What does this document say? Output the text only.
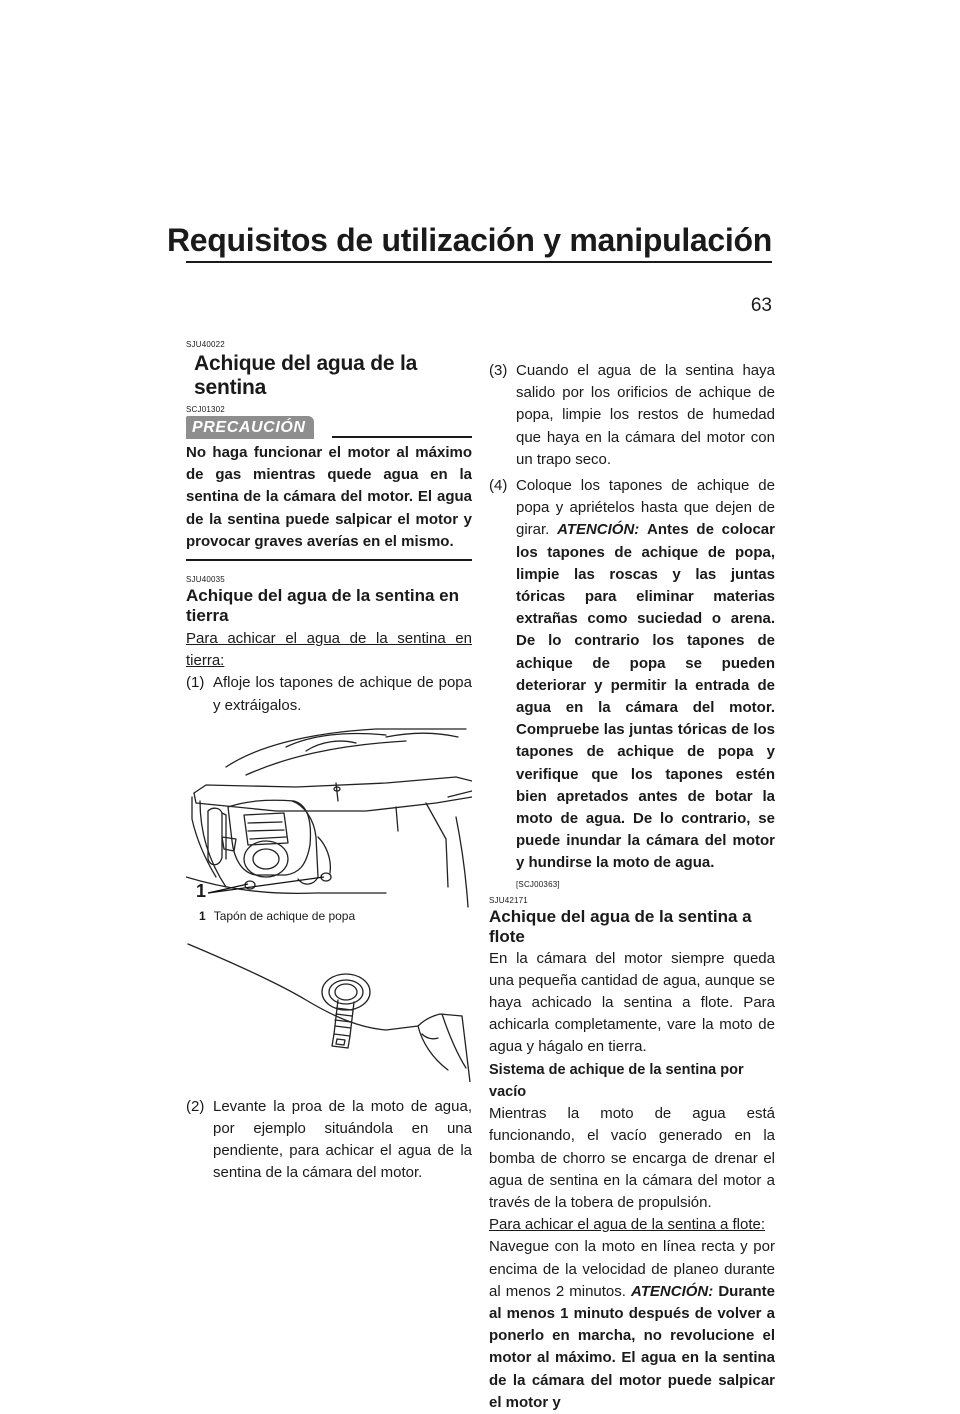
Requisitos de utilización y manipulación
63
SJU40022
Achique del agua de la sentina
SCJ01302
PRECAUCIÓN

No haga funcionar el motor al máximo de gas mientras quede agua en la sentina de la cámara del motor. El agua de la sentina puede salpicar el motor y provocar graves averías en el mismo.

SJU40035
Achique del agua de la sentina en tierra

Para achicar el agua de la sentina en tierra:

(1) Afloje los tapones de achique de popa y extráigalos.
1
1 Tapón de achique de popa
(2) Levante la proa de la moto de agua, por ejemplo situándola en una pendiente, para achicar el agua de la sentina de la cámara del motor.
(3) Cuando el agua de la sentina haya salido por los orificios de achique de popa, limpie los restos de humedad que haya en la cámara del motor con un trapo seco.
(4) Coloque los tapones de achique de popa y apriételos hasta que dejen de girar. ATENCIÓN: Antes de colocar los tapones de achique de popa, limpie las roscas y las juntas tóricas para eliminar materias extrañas como suciedad o arena. De lo contrario los tapones de achique de popa se pueden deteriorar y permitir la entrada de agua en la cámara del motor. Compruebe las juntas tóricas de los tapones de achique de popa y verifique que los tapones estén bien apretados antes de botar la moto de agua. De lo contrario, se puede inundar la cámara del motor y hundirse la moto de agua.
[SCJ00363]
SJU42171
Achique del agua de la sentina a flote

En la cámara del motor siempre queda una pequeña cantidad de agua, aunque se haya achicado la sentina a flote. Para achicarla completamente, vare la moto de agua y hágalo en tierra.

Sistema de achique de la sentina por vacío

Mientras la moto de agua está funcionando, el vacío generado en la bomba de chorro se encarga de drenar el agua de sentina en la cámara del motor a través de la tobera de propulsión.

Para achicar el agua de la sentina a flote:

Navegue con la moto en línea recta y por encima de la velocidad de planeo durante al menos 2 minutos. ATENCIÓN: Durante al menos 1 minuto después de volver a ponerlo en marcha, no revolucione el motor al máximo. El agua en la sentina de la cámara del motor puede salpicar el motor y
